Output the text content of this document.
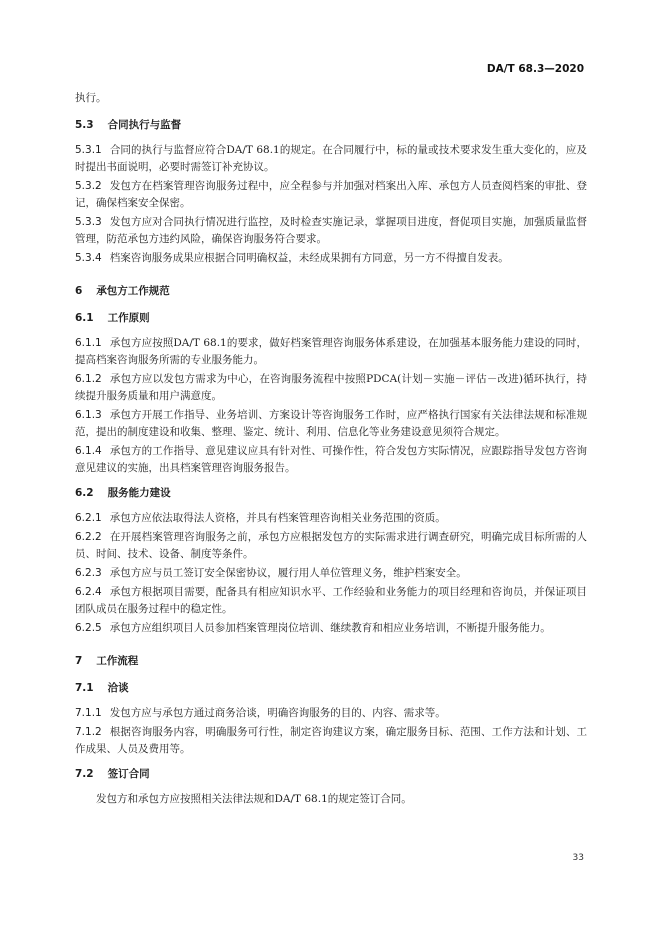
DA/T 68.3—2020

执行。

5.3 合同执行与监督

5.3.1 合同的执行与监督应符合DA/T 68.1的规定。在合同履行中，标的量或技术要求发生重大变化的，应及时提出书面说明，必要时需签订补充协议。

5.3.2 发包方在档案管理咨询服务过程中，应全程参与并加强对档案出入库、承包方人员查阅档案的审批、登记，确保档案安全保密。

5.3.3 发包方应对合同执行情况进行监控，及时检查实施记录，掌握项目进度，督促项目实施，加强质量监督管理，防范承包方违约风险，确保咨询服务符合要求。

5.3.4 档案咨询服务成果应根据合同明确权益，未经成果拥有方同意，另一方不得擅自发表。

6 承包方工作规范
6.1 工作原则

6.1.1 承包方应按照DA/T 68.1的要求，做好档案管理咨询服务体系建设，在加强基本服务能力建设的同时，提高档案咨询服务所需的专业服务能力。

6.1.2 承包方应以发包方需求为中心，在咨询服务流程中按照PDCA(计划－实施－评估－改进)循环执行，持续提升服务质量和用户满意度。

6.1.3 承包方开展工作指导、业务培训、方案设计等咨询服务工作时，应严格执行国家有关法律法规和标准规范，提出的制度建设和收集、整理、鉴定、统计、利用、信息化等业务建设意见须符合规定。

6.1.4 承包方的工作指导、意见建议应具有针对性、可操作性，符合发包方实际情况，应跟踪指导发包方咨询意见建议的实施，出具档案管理咨询服务报告。

6.2 服务能力建设

6.2.1 承包方应依法取得法人资格，并具有档案管理咨询相关业务范围的资质。

6.2.2 在开展档案管理咨询服务之前，承包方应根据发包方的实际需求进行调查研究，明确完成目标所需的人员、时间、技术、设备、制度等条件。

6.2.3 承包方应与员工签订安全保密协议，履行用人单位管理义务，维护档案安全。

6.2.4 承包方根据项目需要，配备具有相应知识水平、工作经验和业务能力的项目经理和咨询员，并保证项目团队成员在服务过程中的稳定性。

6.2.5 承包方应组织项目人员参加档案管理岗位培训、继续教育和相应业务培训，不断提升服务能力。

7 工作流程
7.1 洽谈

7.1.1 发包方应与承包方通过商务洽谈，明确咨询服务的目的、内容、需求等。

7.1.2 根据咨询服务内容，明确服务可行性，制定咨询建议方案，确定服务目标、范围、工作方法和计划、工作成果、人员及费用等。

7.2 签订合同

发包方和承包方应按照相关法律法规和DA/T 68.1的规定签订合同。

33
